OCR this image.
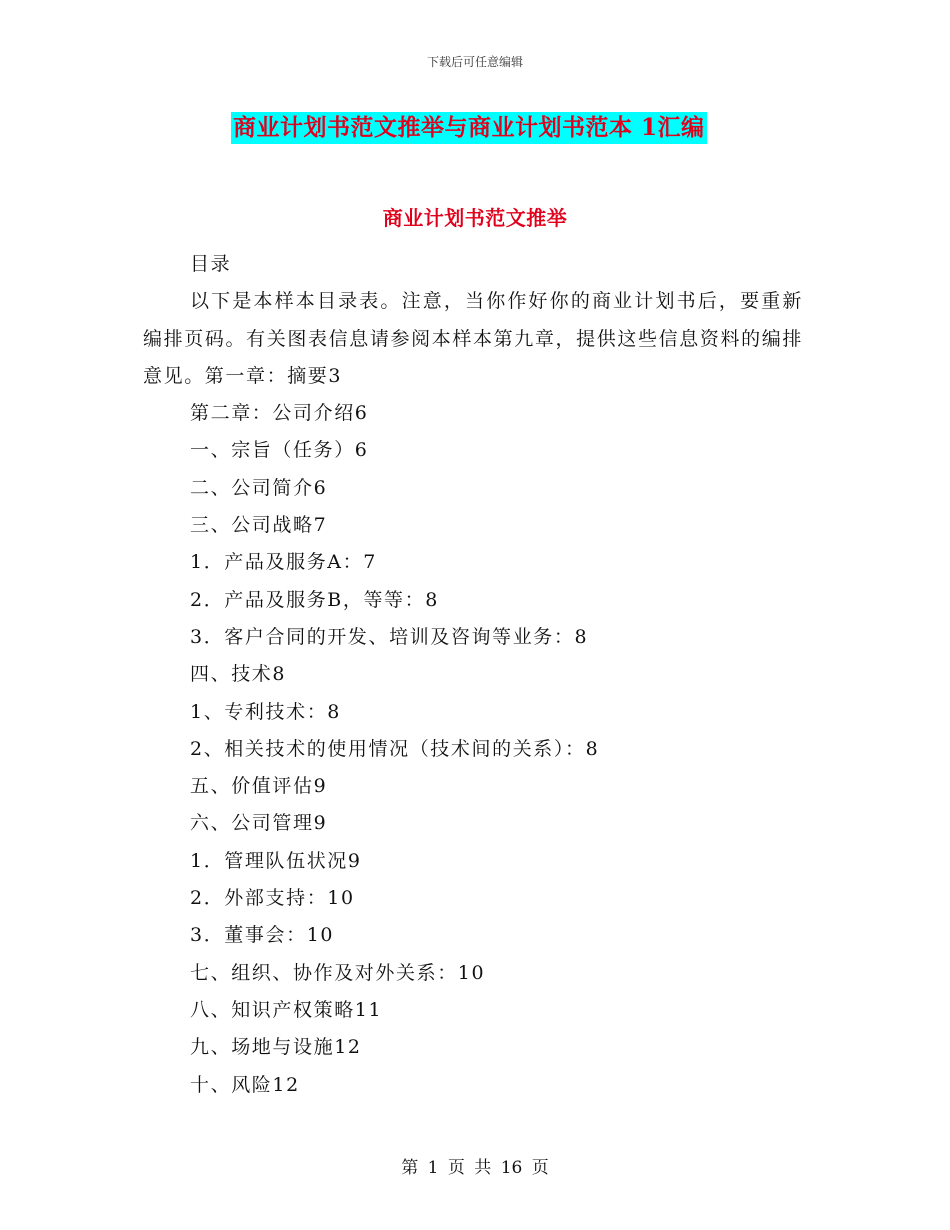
下载后可任意编辑
商业计划书范文推举与商业计划书范本 1汇编
商业计划书范文推举

目录

以下是本样本目录表。注意，当你作好你的商业计划书后，要重新编排页码。有关图表信息请参阅本样本第九章，提供这些信息资料的编排意见。第一章：摘要3

第二章：公司介绍6

一、宗旨（任务）6

二、公司简介6

三、公司战略7

1．产品及服务A：7

2．产品及服务B，等等：8

3．客户合同的开发、培训及咨询等业务：8

四、技术8

1、专利技术：8

2、相关技术的使用情况（技术间的关系）：8

五、价值评估9

六、公司管理9

1．管理队伍状况9

2．外部支持：10

3．董事会：10

七、组织、协作及对外关系：10

八、知识产权策略11

九、场地与设施12

十、风险12

第 1 页 共 16 页
